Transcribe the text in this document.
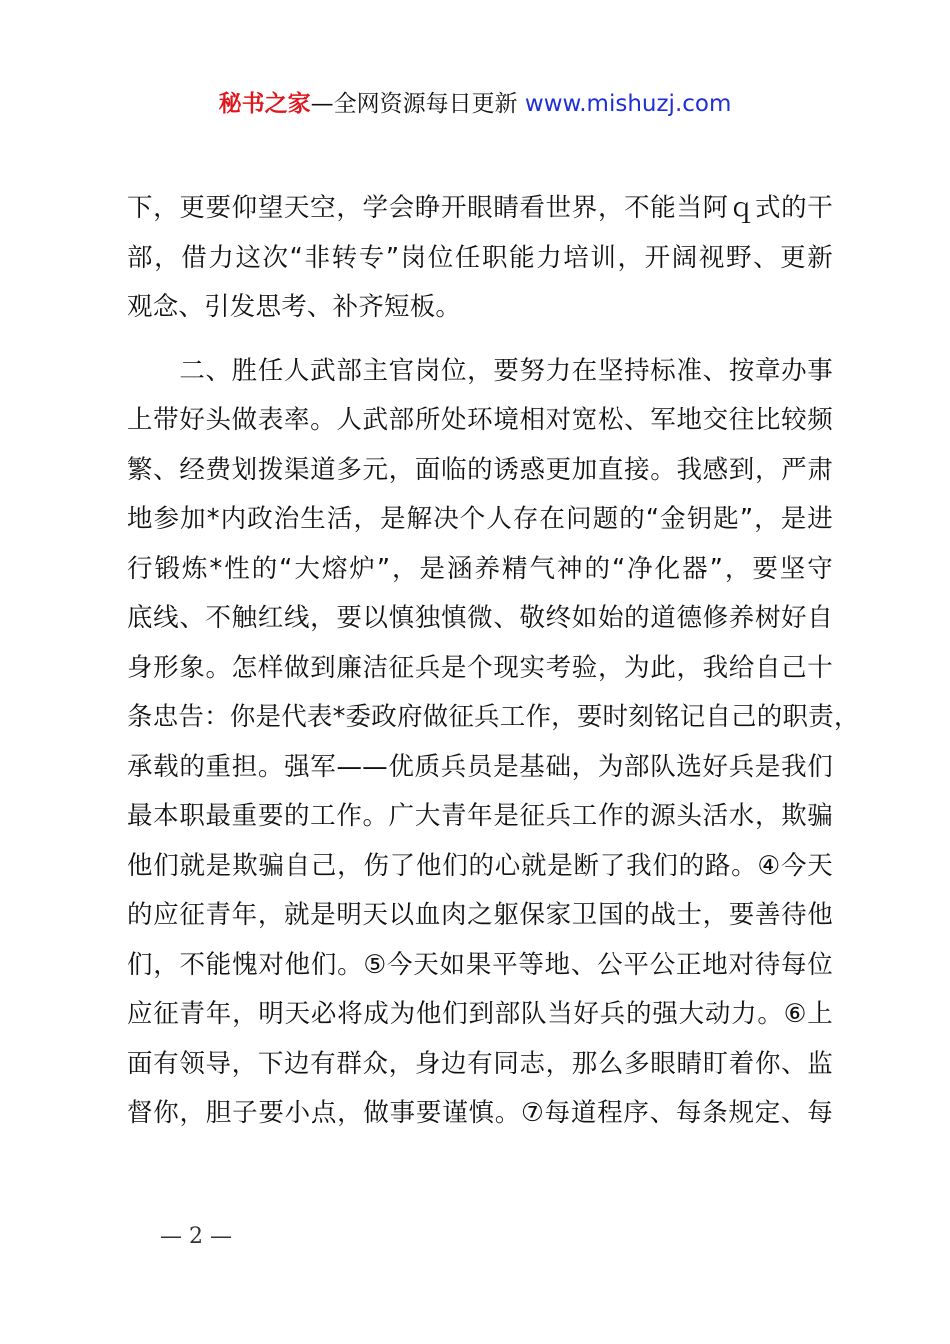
秘书之家—全网资源每日更新 www.mishuzj.com

下，更要仰望天空，学会睁开眼睛看世界，不能当阿ｑ式的干
部，借力这次“非转专”岗位任职能力培训，开阔视野、更新
观念、引发思考、补齐短板。

　　二、胜任人武部主官岗位，要努力在坚持标准、按章办事
上带好头做表率。人武部所处环境相对宽松、军地交往比较频
繁、经费划拨渠道多元，面临的诱惑更加直接。我感到，严肃
地参加*内政治生活，是解决个人存在问题的“金钥匙”，是进
行锻炼*性的“大熔炉”，是涵养精气神的“净化器”，要坚守
底线、不触红线，要以慎独慎微、敬终如始的道德修养树好自
身形象。怎样做到廉洁征兵是个现实考验，为此，我给自己十
条忠告：你是代表*委政府做征兵工作，要时刻铭记自己的职责，
承载的重担。强军——优质兵员是基础，为部队选好兵是我们
最本职最重要的工作。广大青年是征兵工作的源头活水，欺骗
他们就是欺骗自己，伤了他们的心就是断了我们的路。④今天
的应征青年，就是明天以血肉之躯保家卫国的战士，要善待他
们，不能愧对他们。⑤今天如果平等地、公平公正地对待每位
应征青年，明天必将成为他们到部队当好兵的强大动力。⑥上
面有领导，下边有群众，身边有同志，那么多眼睛盯着你、监
督你，胆子要小点，做事要谨慎。⑦每道程序、每条规定、每

— 2 —
